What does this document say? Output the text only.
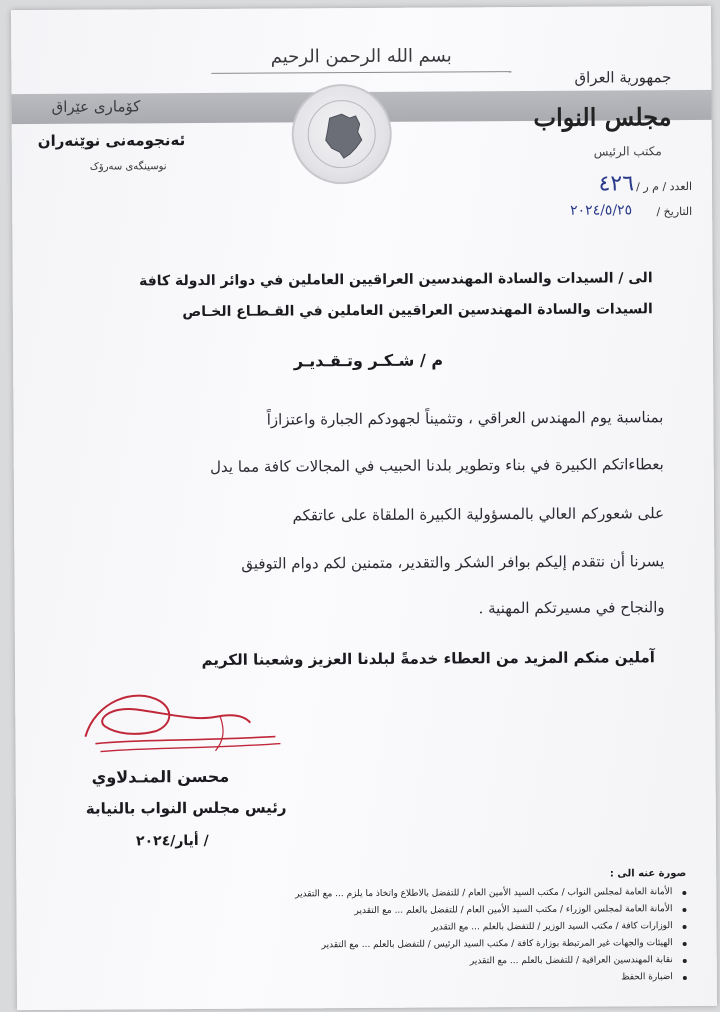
بسم الله الرحمن الرحيم
جمهورية العراق
مجلس النواب
مكتب الرئيس
كۆماری عێراق
ئەنجومەنی نوێنەران
نوسینگەی سەرۆک
العدد / م ر /
٤٢٦
التاريخ /
٢٠٢٤/٥/٢٥
الى / السيدات والسادة المهندسين العراقيين العاملين في دوائر الدولة كافة
السيدات والسادة المهندسين العراقيين العاملين في القـطـاع الخـاص
م / شـكـر وتـقـديـر
بمناسبة يوم المهندس العراقي ، وتثميناً لجهودكم الجبارة واعتزازاً
بعطاءاتكم الكبيرة في بناء وتطوير بلدنا الحبيب في المجالات كافة مما يدل
على شعوركم العالي بالمسؤولية الكبيرة الملقاة على عاتقكم
يسرنا أن نتقدم إليكم بوافر الشكر والتقدير، متمنين لكم دوام التوفيق
والنجاح في مسيرتكم المهنية .
آملين منكم المزيد من العطاء خدمةً لبلدنا العزيز وشعبنا الكريم
محسن المنـدلاوي
رئيس مجلس النواب بالنيابة
/ أيار/٢٠٢٤
صورة عنه الى :
الأمانة العامة لمجلس النواب / مكتب السيد الأمين العام / للتفضل بالاطلاع واتخاذ ما يلزم ... مع التقدير
الأمانة العامة لمجلس الوزراء / مكتب السيد الأمين العام / للتفضل بالعلم ... مع التقدير
الوزارات كافة / مكتب السيد الوزير / للتفضل بالعلم ... مع التقدير
الهيئات والجهات غير المرتبطة بوزارة كافة / مكتب السيد الرئيس / للتفضل بالعلم ... مع التقدير
نقابة المهندسين العراقية / للتفضل بالعلم ... مع التقدير
اضبارة الحفظ
